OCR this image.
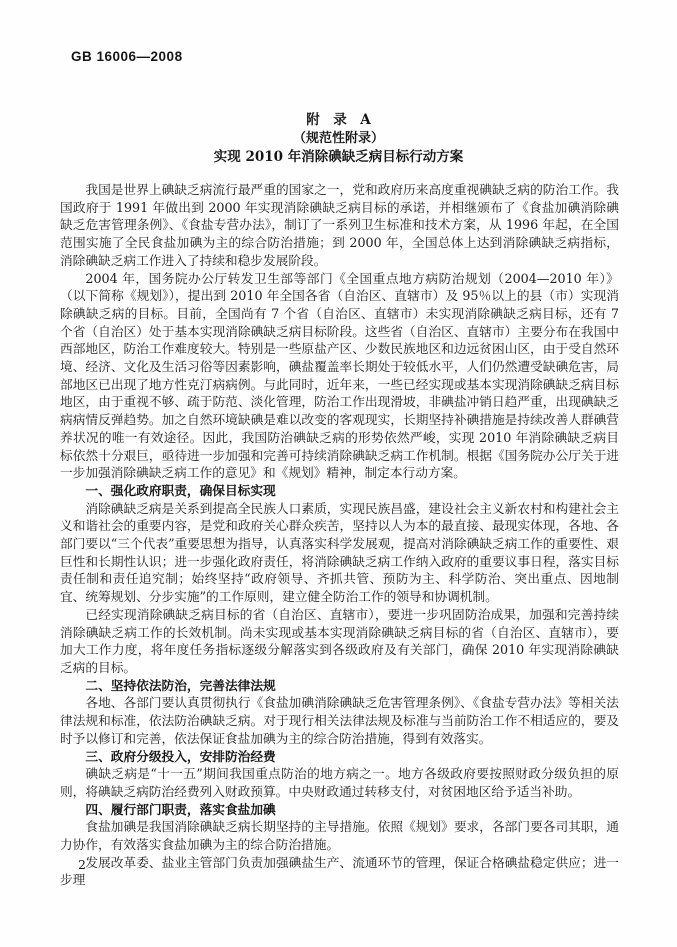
GB 16006—2008
附　录　A
（规范性附录）
实现 2010 年消除碘缺乏病目标行动方案

我国是世界上碘缺乏病流行最严重的国家之一，党和政府历来高度重视碘缺乏病的防治工作。我国政府于 1991 年做出到 2000 年实现消除碘缺乏病目标的承诺，并相继颁布了《食盐加碘消除碘缺乏危害管理条例》、《食盐专营办法》，制订了一系列卫生标准和技术方案，从 1996 年起，在全国范围实施了全民食盐加碘为主的综合防治措施；到 2000 年，全国总体上达到消除碘缺乏病指标，消除碘缺乏病工作进入了持续和稳步发展阶段。

2004 年，国务院办公厅转发卫生部等部门《全国重点地方病防治规划（2004—2010 年）》（以下简称《规划》），提出到 2010 年全国各省（自治区、直辖市）及 95％以上的县（市）实现消除碘缺乏病的目标。目前，全国尚有 7 个省（自治区、直辖市）未实现消除碘缺乏病目标，还有 7 个省（自治区）处于基本实现消除碘缺乏病目标阶段。这些省（自治区、直辖市）主要分布在我国中西部地区，防治工作难度较大。特别是一些原盐产区、少数民族地区和边远贫困山区，由于受自然环境、经济、文化及生活习俗等因素影响，碘盐覆盖率长期处于较低水平，人们仍然遭受缺碘危害，局部地区已出现了地方性克汀病病例。与此同时，近年来，一些已经实现或基本实现消除碘缺乏病目标地区，由于重视不够、疏于防范、淡化管理，防治工作出现滑坡，非碘盐冲销日趋严重，出现碘缺乏病病情反弹趋势。加之自然环境缺碘是难以改变的客观现实，长期坚持补碘措施是持续改善人群碘营养状况的唯一有效途径。因此，我国防治碘缺乏病的形势依然严峻，实现 2010 年消除碘缺乏病目标依然十分艰巨，亟待进一步加强和完善可持续消除碘缺乏病工作机制。根据《国务院办公厅关于进一步加强消除碘缺乏病工作的意见》和《规划》精神，制定本行动方案。

一、强化政府职责，确保目标实现

消除碘缺乏病是关系到提高全民族人口素质，实现民族昌盛，建设社会主义新农村和构建社会主义和谐社会的重要内容，是党和政府关心群众疾苦，坚持以人为本的最直接、最现实体现，各地、各部门要以“三个代表”重要思想为指导，认真落实科学发展观，提高对消除碘缺乏病工作的重要性、艰巨性和长期性认识；进一步强化政府责任，将消除碘缺乏病工作纳入政府的重要议事日程，落实目标责任制和责任追究制；始终坚持“政府领导、齐抓共管、预防为主、科学防治、突出重点、因地制宜、统筹规划、分步实施”的工作原则，建立健全防治工作的领导和协调机制。

已经实现消除碘缺乏病目标的省（自治区、直辖市），要进一步巩固防治成果，加强和完善持续消除碘缺乏病工作的长效机制。尚未实现或基本实现消除碘缺乏病目标的省（自治区、直辖市），要加大工作力度，将年度任务指标逐级分解落实到各级政府及有关部门，确保 2010 年实现消除碘缺乏病的目标。

二、坚持依法防治，完善法律法规

各地、各部门要认真贯彻执行《食盐加碘消除碘缺乏危害管理条例》、《食盐专营办法》等相关法律法规和标准，依法防治碘缺乏病。对于现行相关法律法规及标准与当前防治工作不相适应的，要及时予以修订和完善，依法保证食盐加碘为主的综合防治措施，得到有效落实。

三、政府分级投入，安排防治经费

碘缺乏病是“十一五”期间我国重点防治的地方病之一。地方各级政府要按照财政分级负担的原则，将碘缺乏病防治经费列入财政预算。中央财政通过转移支付，对贫困地区给予适当补助。

四、履行部门职责，落实食盐加碘

食盐加碘是我国消除碘缺乏病长期坚持的主导措施。依照《规划》要求，各部门要各司其职，通力协作，有效落实食盐加碘为主的综合防治措施。

发展改革委、盐业主管部门负责加强碘盐生产、流通环节的管理，保证合格碘盐稳定供应；进一步理

2
